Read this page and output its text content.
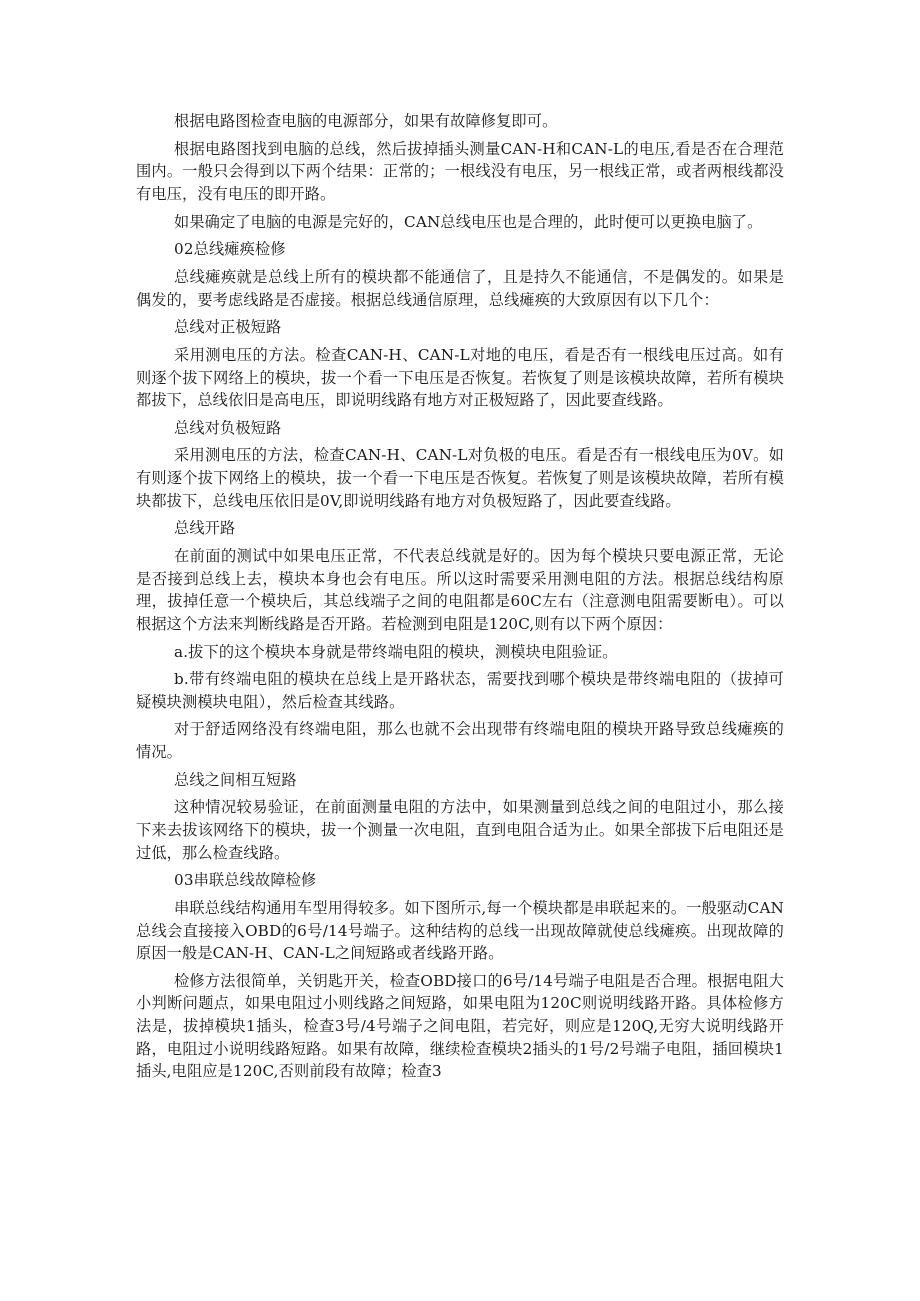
根据电路图检查电脑的电源部分，如果有故障修复即可。

根据电路图找到电脑的总线，然后拔掉插头测量CAN-H和CAN-L的电压,看是否在合理范围内。一般只会得到以下两个结果：正常的；一根线没有电压，另一根线正常，或者两根线都没有电压，没有电压的即开路。

如果确定了电脑的电源是完好的，CAN总线电压也是合理的，此时便可以更换电脑了。

02总线瘫痪检修

总线瘫痪就是总线上所有的模块都不能通信了，且是持久不能通信，不是偶发的。如果是偶发的，要考虑线路是否虚接。根据总线通信原理，总线瘫痪的大致原因有以下几个：

总线对正极短路

采用测电压的方法。检查CAN-H、CAN-L对地的电压，看是否有一根线电压过高。如有则逐个拔下网络上的模块，拔一个看一下电压是否恢复。若恢复了则是该模块故障，若所有模块都拔下，总线依旧是高电压，即说明线路有地方对正极短路了，因此要查线路。

总线对负极短路

采用测电压的方法，检查CAN-H、CAN-L对负极的电压。看是否有一根线电压为0V。如有则逐个拔下网络上的模块，拔一个看一下电压是否恢复。若恢复了则是该模块故障，若所有模块都拔下，总线电压依旧是0V,即说明线路有地方对负极短路了，因此要查线路。

总线开路

在前面的测试中如果电压正常，不代表总线就是好的。因为每个模块只要电源正常，无论是否接到总线上去，模块本身也会有电压。所以这时需要采用测电阻的方法。根据总线结构原理，拔掉任意一个模块后，其总线端子之间的电阻都是60C左右（注意测电阻需要断电）。可以根据这个方法来判断线路是否开路。若检测到电阻是120C,则有以下两个原因：

a.拔下的这个模块本身就是带终端电阻的模块，测模块电阻验证。

b.带有终端电阻的模块在总线上是开路状态，需要找到哪个模块是带终端电阻的（拔掉可疑模块测模块电阻），然后检查其线路。

对于舒适网络没有终端电阻，那么也就不会出现带有终端电阻的模块开路导致总线瘫痪的情况。

总线之间相互短路

这种情况较易验证，在前面测量电阻的方法中，如果测量到总线之间的电阻过小，那么接下来去拔该网络下的模块，拔一个测量一次电阻，直到电阻合适为止。如果全部拔下后电阻还是过低，那么检查线路。

03串联总线故障检修

串联总线结构通用车型用得较多。如下图所示,每一个模块都是串联起来的。一般驱动CAN总线会直接接入OBD的6号/14号端子。这种结构的总线一出现故障就使总线瘫痪。出现故障的原因一般是CAN-H、CAN-L之间短路或者线路开路。

检修方法很简单，关钥匙开关，检查OBD接口的6号/14号端子电阻是否合理。根据电阻大小判断问题点，如果电阻过小则线路之间短路，如果电阻为120C则说明线路开路。具体检修方法是，拔掉模块1插头，检查3号/4号端子之间电阻，若完好，则应是120Q,无穷大说明线路开路，电阻过小说明线路短路。如果有故障，继续检查模块2插头的1号/2号端子电阻，插回模块1插头,电阻应是120C,否则前段有故障；检查3
